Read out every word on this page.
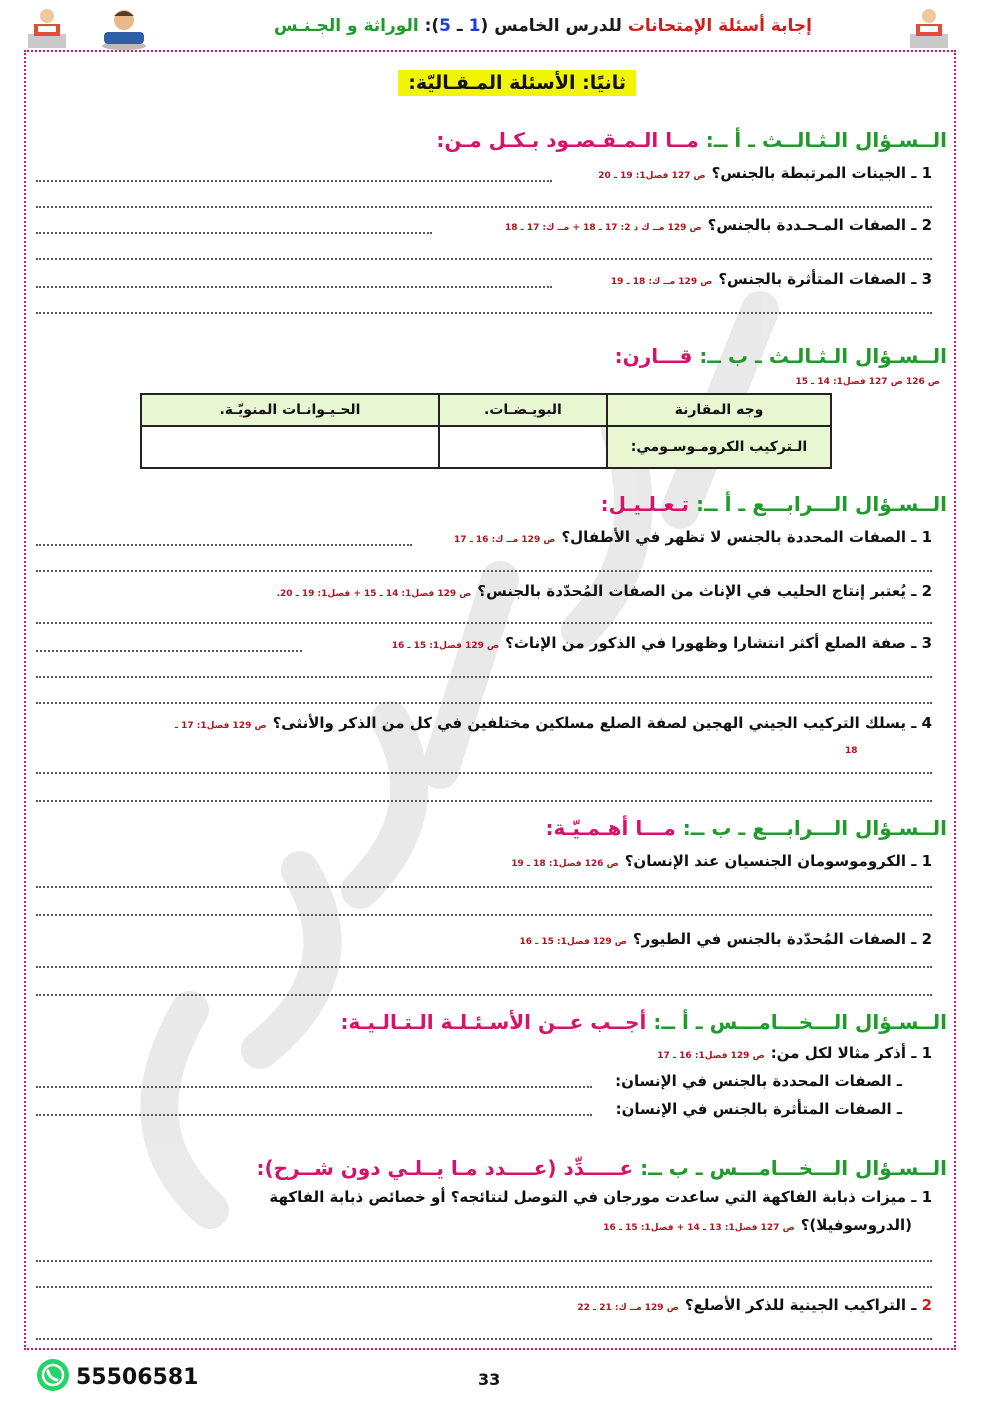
إجابة أسئلة الإمتحانات للدرس الخامس (1 ـ 5): الوراثة و الجـنـس
ثانيًا: الأسئلة المـقـاليّة:
الــسـؤال الـثـالــث ـ أ ــ: مــا الـمـقـصـود بـكـل مـن:
1 ـ الجينات المرتبطة بالجنس؟ص 127 فصل1: 19 ـ 20
2 ـ الصفات المـحـددة بالجنس؟ص 129 مــ ك د 2: 17 ـ 18 + مــ ك: 17 ـ 18
3 ـ الصفات المتأثرة بالجنس؟ص 129 مــ ك: 18 ـ 19
الــسـؤال الـثـالـث ـ ب ــ: قـــارن:
ص 126 ص 127 فصل1: 14 ـ 15
وجه المقارنة	البويـضـات.	الحـيـوانـات المنويّـة.
الـتركيب الكرومـوسـومي:		
الــسـؤال الـــرابـــع ـ أ ــ: تـعـلـيـل:
1 ـ الصفات المحددة بالجنس لا تظهر في الأطفال؟ص 129 مــ ك: 16 ـ 17
2 ـ يُعتبر إنتاج الحليب في الإناث من الصفات المُحدّدة بالجنس؟ص 129 فصل1: 14 ـ 15 + فصل1: 19 ـ 20.
3 ـ صفة الصلع أكثر انتشارا وظهورا في الذكور من الإناث؟ص 129 فصل1: 15 ـ 16
4 ـ يسلك التركيب الجيني الهجين لصفة الصلع مسلكين مختلفين في كل من الذكر والأنثى؟ص 129 فصل1: 17 ـ
18
الــسـؤال الـــرابـــع ـ ب ــ: مـــا أهـمـيّـة:
1 ـ الكروموسومان الجنسيان عند الإنسان؟ص 126 فصل1: 18 ـ 19
2 ـ الصفات المُحدّدة بالجنس في الطيور؟ص 129 فصل1: 15 ـ 16
الــسـؤال الـــخـــامـــس ـ أ ــ: أجــب عــن الأسـئـلـة الـتـالـيـة:
1 ـ أذكر مثالا لكل من:ص 129 فصل1: 16 ـ 17
ـ الصفات المحددة بالجنس في الإنسان:
ـ الصفات المتأثرة بالجنس في الإنسان:
الــسـؤال الـــخـــامـــس ـ ب ــ: عـــــدِّد (عــــدد مـا يــلـي دون شــرح):
1 ـ ميزات ذبابة الفاكهة التي ساعدت مورجان في التوصل لنتائجه؟ أو خصائص ذبابة الفاكهة
(الدروسوفيلا)؟ص 127 فصل1: 13 ـ 14 + فصل1: 15 ـ 16
2 ـ التراكيب الجينية للذكر الأصلع؟ص 129 مــ ك: 21 ـ 22
55506581	33
